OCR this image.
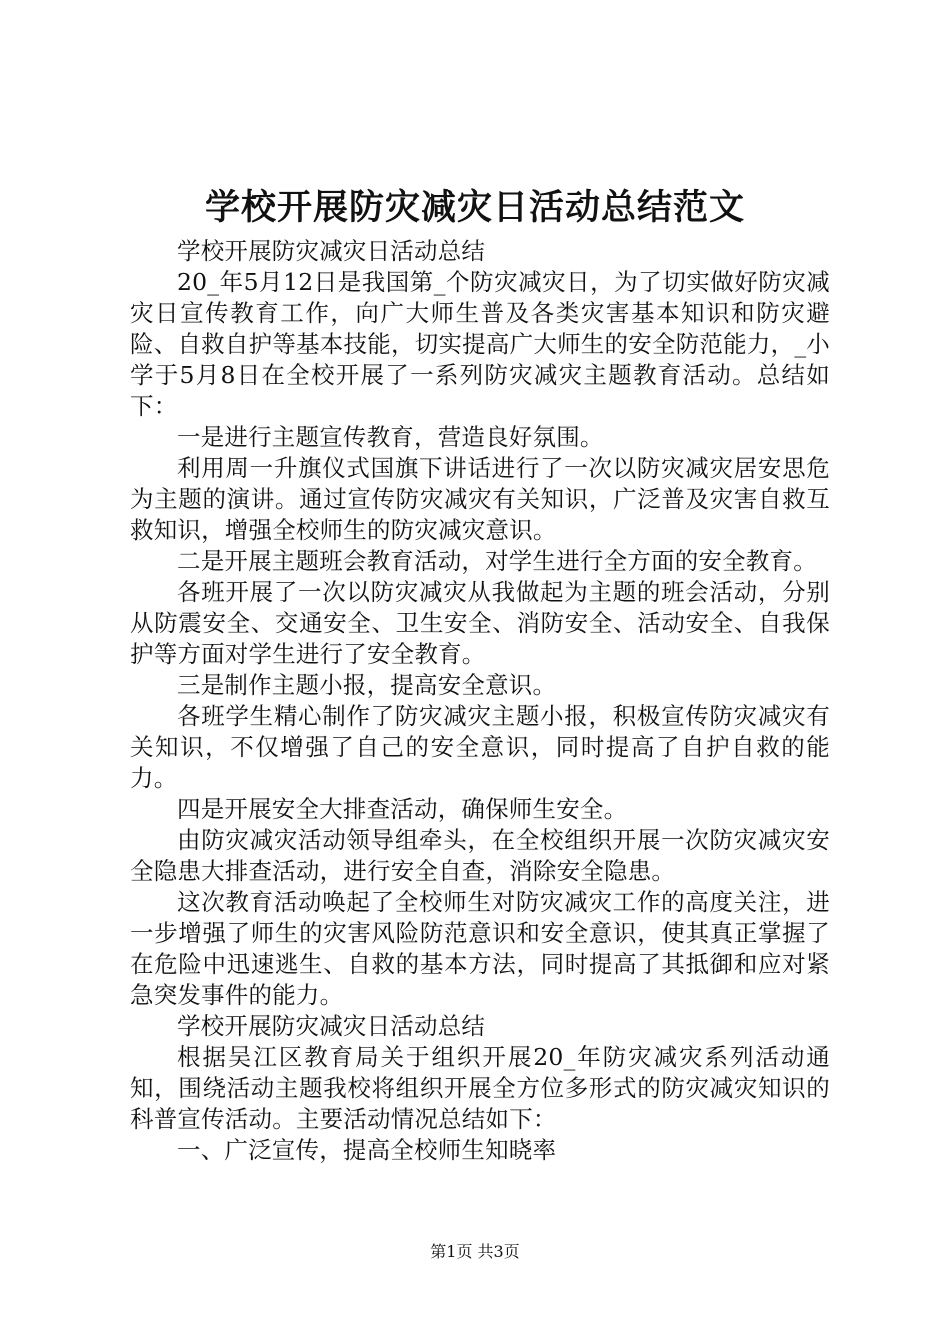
学校开展防灾减灾日活动总结范文

学校开展防灾减灾日活动总结

20_年5月12日是我国第_个防灾减灾日，为了切实做好防灾减灾日宣传教育工作，向广大师生普及各类灾害基本知识和防灾避险、自救自护等基本技能，切实提高广大师生的安全防范能力，_小学于5月8日在全校开展了一系列防灾减灾主题教育活动。总结如下：

一是进行主题宣传教育，营造良好氛围。

利用周一升旗仪式国旗下讲话进行了一次以防灾减灾居安思危为主题的演讲。通过宣传防灾减灾有关知识，广泛普及灾害自救互救知识，增强全校师生的防灾减灾意识。

二是开展主题班会教育活动，对学生进行全方面的安全教育。

各班开展了一次以防灾减灾从我做起为主题的班会活动，分别从防震安全、交通安全、卫生安全、消防安全、活动安全、自我保护等方面对学生进行了安全教育。

三是制作主题小报，提高安全意识。

各班学生精心制作了防灾减灾主题小报，积极宣传防灾减灾有关知识，不仅增强了自己的安全意识，同时提高了自护自救的能力。

四是开展安全大排查活动，确保师生安全。

由防灾减灾活动领导组牵头，在全校组织开展一次防灾减灾安全隐患大排查活动，进行安全自查，消除安全隐患。

这次教育活动唤起了全校师生对防灾减灾工作的高度关注，进一步增强了师生的灾害风险防范意识和安全意识，使其真正掌握了在危险中迅速逃生、自救的基本方法，同时提高了其抵御和应对紧急突发事件的能力。

学校开展防灾减灾日活动总结

根据吴江区教育局关于组织开展20_年防灾减灾系列活动通知，围绕活动主题我校将组织开展全方位多形式的防灾减灾知识的科普宣传活动。主要活动情况总结如下：

一、广泛宣传，提高全校师生知晓率

第1页 共3页
